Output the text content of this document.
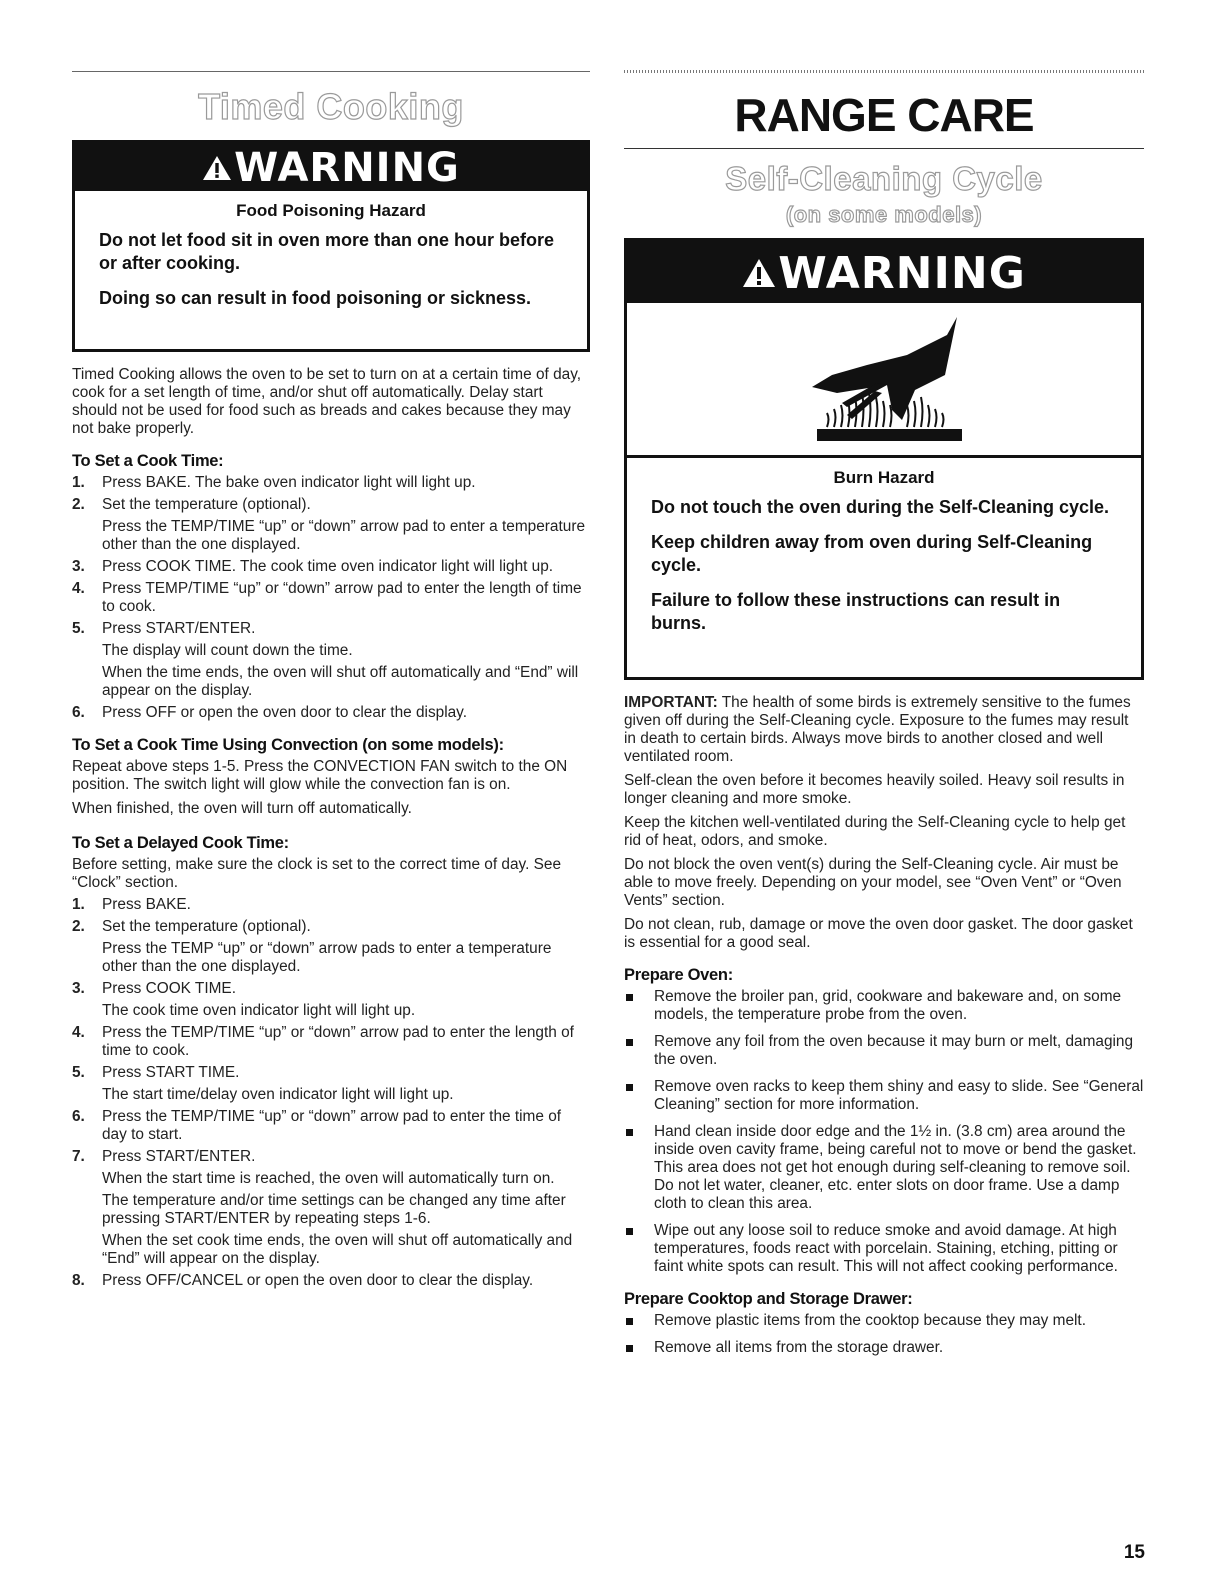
Timed Cooking
WARNING
Food Poisoning Hazard
Do not let food sit in oven more than one hour before or after cooking.
Doing so can result in food poisoning or sickness.

Timed Cooking allows the oven to be set to turn on at a certain time of day, cook for a set length of time, and/or shut off automatically. Delay start should not be used for food such as breads and cakes because they may not bake properly.

To Set a Cook Time:
1. Press BAKE. The bake oven indicator light will light up.
2. Set the temperature (optional).
Press the TEMP/TIME “up” or “down” arrow pad to enter a temperature other than the one displayed.
3. Press COOK TIME. The cook time oven indicator light will light up.
4. Press TEMP/TIME “up” or “down” arrow pad to enter the length of time to cook.
5. Press START/ENTER.
The display will count down the time.
When the time ends, the oven will shut off automatically and “End” will appear on the display.
6. Press OFF or open the oven door to clear the display.
To Set a Cook Time Using Convection (on some models):

Repeat above steps 1-5. Press the CONVECTION FAN switch to the ON position. The switch light will glow while the convection fan is on.

When finished, the oven will turn off automatically.

To Set a Delayed Cook Time:

Before setting, make sure the clock is set to the correct time of day. See “Clock” section.

1. Press BAKE.
2. Set the temperature (optional).
Press the TEMP “up” or “down” arrow pads to enter a temperature other than the one displayed.
3. Press COOK TIME.
The cook time oven indicator light will light up.
4. Press the TEMP/TIME “up” or “down” arrow pad to enter the length of time to cook.
5. Press START TIME.
The start time/delay oven indicator light will light up.
6. Press the TEMP/TIME “up” or “down” arrow pad to enter the time of day to start.
7. Press START/ENTER.
When the start time is reached, the oven will automatically turn on.
The temperature and/or time settings can be changed any time after pressing START/ENTER by repeating steps 1-6.
When the set cook time ends, the oven will shut off automatically and “End” will appear on the display.
8. Press OFF/CANCEL or open the oven door to clear the display.
RANGE CARE
Self-Cleaning Cycle
(on some models)
WARNING
Burn Hazard
Do not touch the oven during the Self-Cleaning cycle.
Keep children away from oven during Self-Cleaning cycle.
Failure to follow these instructions can result in burns.

IMPORTANT: The health of some birds is extremely sensitive to the fumes given off during the Self-Cleaning cycle. Exposure to the fumes may result in death to certain birds. Always move birds to another closed and well ventilated room.

Self-clean the oven before it becomes heavily soiled. Heavy soil results in longer cleaning and more smoke.

Keep the kitchen well-ventilated during the Self-Cleaning cycle to help get rid of heat, odors, and smoke.

Do not block the oven vent(s) during the Self-Cleaning cycle. Air must be able to move freely. Depending on your model, see “Oven Vent” or “Oven Vents” section.

Do not clean, rub, damage or move the oven door gasket. The door gasket is essential for a good seal.

Prepare Oven:
Remove the broiler pan, grid, cookware and bakeware and, on some models, the temperature probe from the oven.
Remove any foil from the oven because it may burn or melt, damaging the oven.
Remove oven racks to keep them shiny and easy to slide. See “General Cleaning” section for more information.
Hand clean inside door edge and the 1½ in. (3.8 cm) area around the inside oven cavity frame, being careful not to move or bend the gasket. This area does not get hot enough during self-cleaning to remove soil. Do not let water, cleaner, etc. enter slots on door frame. Use a damp cloth to clean this area.
Wipe out any loose soil to reduce smoke and avoid damage. At high temperatures, foods react with porcelain. Staining, etching, pitting or faint white spots can result. This will not affect cooking performance.
Prepare Cooktop and Storage Drawer:
Remove plastic items from the cooktop because they may melt.
Remove all items from the storage drawer.
15
